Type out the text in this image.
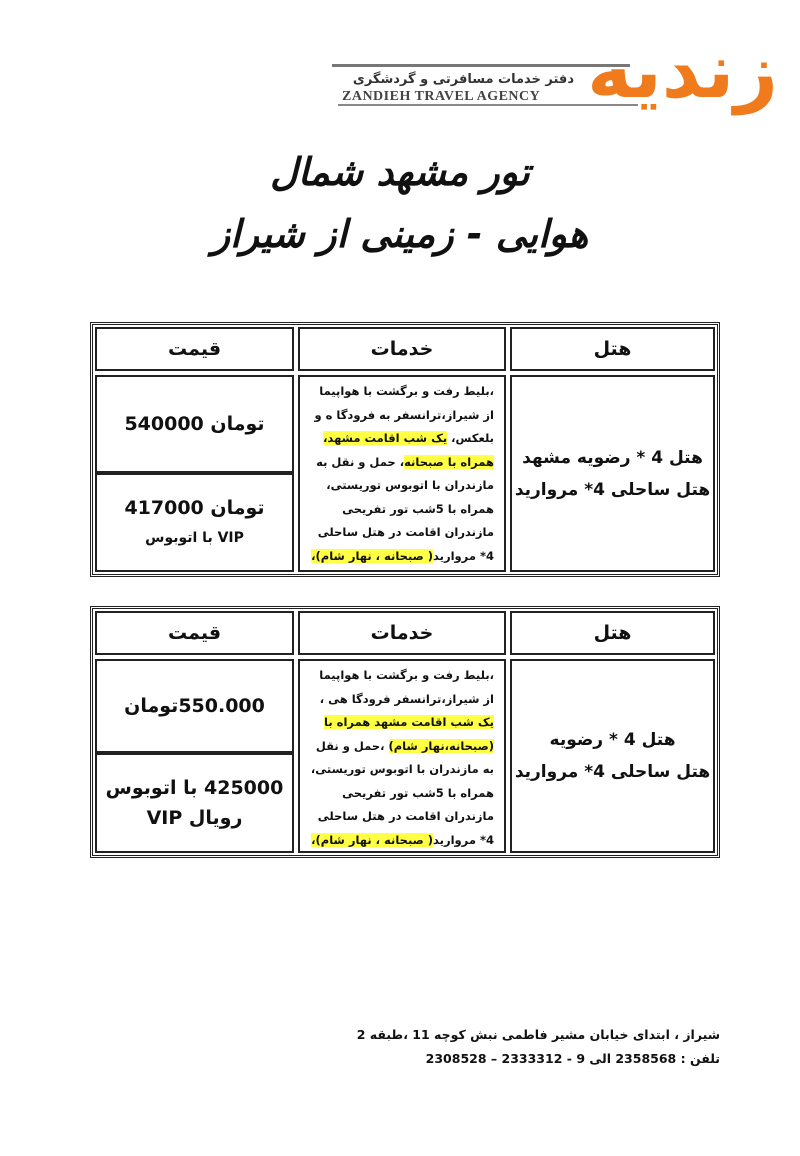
دفتر خدمات مسافرتی و گردشگری
ZANDIEH TRAVEL AGENCY زندیه
تور مشهد شمال
هوایی - زمینی از شیراز
هتل
خدمات
قیمت
هتل 4 * رضویه مشهد
هتل ساحلی 4* مروارید
،بلیط رفت و برگشت با هواپیما از شیراز،ترانسفر به فرودگا ه و بلعکس، یک شب اقامت مشهد، همراه با صبحانه، حمل و نقل به مازندران با اتوبوس توریستی، همراه با 5شب تور تفریحی مازندران اقامت در هتل ساحلی 4* مروارید( صبحانه ، نهار شام)،
تومان 540000
تومان 417000
VIP با اتوبوس
هتل
خدمات
قیمت
هتل 4 * رضویه
هتل ساحلی 4* مروارید
،بلیط رفت و برگشت با هواپیما از شیراز،ترانسفر فرودگا هی ، یک شب اقامت مشهد همراه با (صبحانه،نهار شام) ،حمل و نقل به مازندران با اتوبوس توریستی، همراه با 5شب تور تفریحی مازندران اقامت در هتل ساحلی 4* مروارید( صبحانه ، نهار شام)،
550.000تومان
425000 با اتوبوس
رویال VIP
شیراز ، ابتدای خیابان مشیر فاطمی نبش کوچه 11 ،طبقه 2
تلفن : 2358568 الی 9 - 2333312 – 2308528
